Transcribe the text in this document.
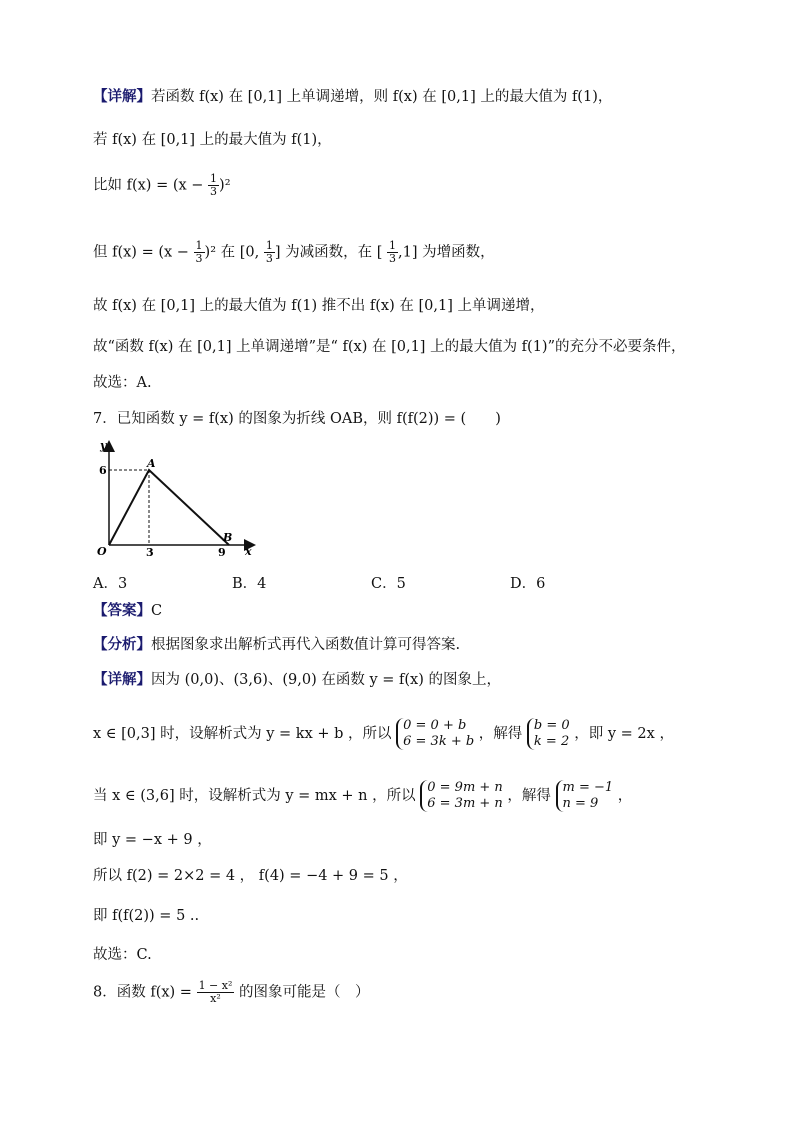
【详解】若函数 f(x) 在 [0,1] 上单调递增，则 f(x) 在 [0,1] 上的最大值为 f(1)，
若 f(x) 在 [0,1] 上的最大值为 f(1)，
比如 $f(x) = (x - \frac{1}{3} )^2$
但 $f(x) = (x - \frac{1}{3} )^2$ 在 [0, $\frac{1}{3}$ ] 为减函数，在 [ $\frac{1}{3} ,1$] 为增函数，
故 f(x) 在 [0,1] 上的最大值为 f(1) 推不出 f(x) 在 [0,1] 上单调递增，
故“函数 f(x) 在 [0,1] 上单调递增”是“ f(x) 在 [0,1] 上的最大值为 f(1)”的充分不必要条件，
故选：A.
7．已知函数 y = f(x) 的图象为折线 OAB，则 f(f(2)) = (　　)
y
x
O
6
3	9
A
B
A．3	B．4	C．5	D．6
【答案】C
【分析】根据图象求出解析式再代入函数值计算可得答案.
【详解】因为 (0,0)、(3,6)、(9,0) 在函数 y = f(x) 的图象上，
x ∈ [0,3] 时，设解析式为 y = kx + b ，所以
0 = 0 + b
6 = 3k + b ，解得
b = 0
k = 2 ，即 y = 2x ，
当 x ∈ (3,6] 时，设解析式为 y = mx + n ，所以
0 = 9m + n
6 = 3m + n ，解得
m = −1
n = 9	，
即 y = −x + 9 ，
所以 f(2) = 2×2 = 4 ， f(4) = −4 + 9 = 5 ，
即 f(f(2)) = 5 ..
故选：C.
8．函数 $f(x) = \frac{\text{1 − x²}}{\text{x²}}$ 的图象可能是（　）
